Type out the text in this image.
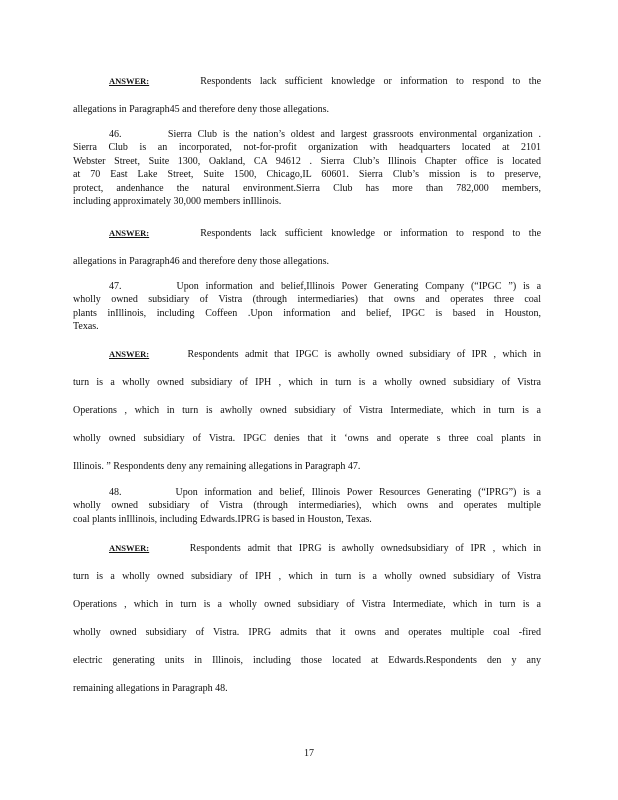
ANSWER:	Respondents lack sufficient knowledge or information to respond to the
allegations in Paragraph45 and therefore deny those allegations.
46.	Sierra Club is the nation’s oldest and largest grassroots environmental organization .
Sierra Club is an incorporated, not-for-profit organization with headquarters located at 2101
Webster Street, Suite 1300, Oakland, CA 94612 . Sierra Club’s Illinois Chapter office is located
at 70 East Lake Street, Suite 1500, Chicago,IL 60601. Sierra Club’s mission is to preserve,
protect, andenhance the natural environment.Sierra Club has more than 782,000 members,
including approximately 30,000 members inIllinois.
ANSWER:	Respondents lack sufficient knowledge or information to respond to the
allegations in Paragraph46 and therefore deny those allegations.
47.	Upon information and belief,Illinois Power Generating Company (“IPGC ”) is a
wholly owned subsidiary of Vistra (through intermediaries) that owns and operates three coal
plants inIllinois, including Coffeen .Upon information and belief, IPGC is based in Houston,
Texas.
ANSWER:	Respondents admit that IPGC is awholly owned subsidiary of IPR , which in
turn is a wholly owned subsidiary of IPH , which in turn is a wholly owned subsidiary of Vistra
Operations , which in turn is awholly owned subsidiary of Vistra Intermediate, which in turn is a
wholly owned subsidiary of Vistra. IPGC denies that it ‘owns and operate s three coal plants in
Illinois. ” Respondents deny any remaining allegations in Paragraph 47.
48.	Upon information and belief, Illinois Power Resources Generating (“IPRG”) is a
wholly owned subsidiary of Vistra (through intermediaries), which owns and operates multiple
coal plants inIllinois, including Edwards.IPRG is based in Houston, Texas.
ANSWER:	Respondents admit that IPRG is awholly ownedsubsidiary of IPR , which in
turn is a wholly owned subsidiary of IPH , which in turn is a wholly owned subsidiary of Vistra
Operations , which in turn is a wholly owned subsidiary of Vistra Intermediate, which in turn is a
wholly owned subsidiary of Vistra. IPRG admits that it owns and operates multiple coal -fired
electric generating units in Illinois, including those located at Edwards.Respondents den y any
remaining allegations in Paragraph 48.
17
